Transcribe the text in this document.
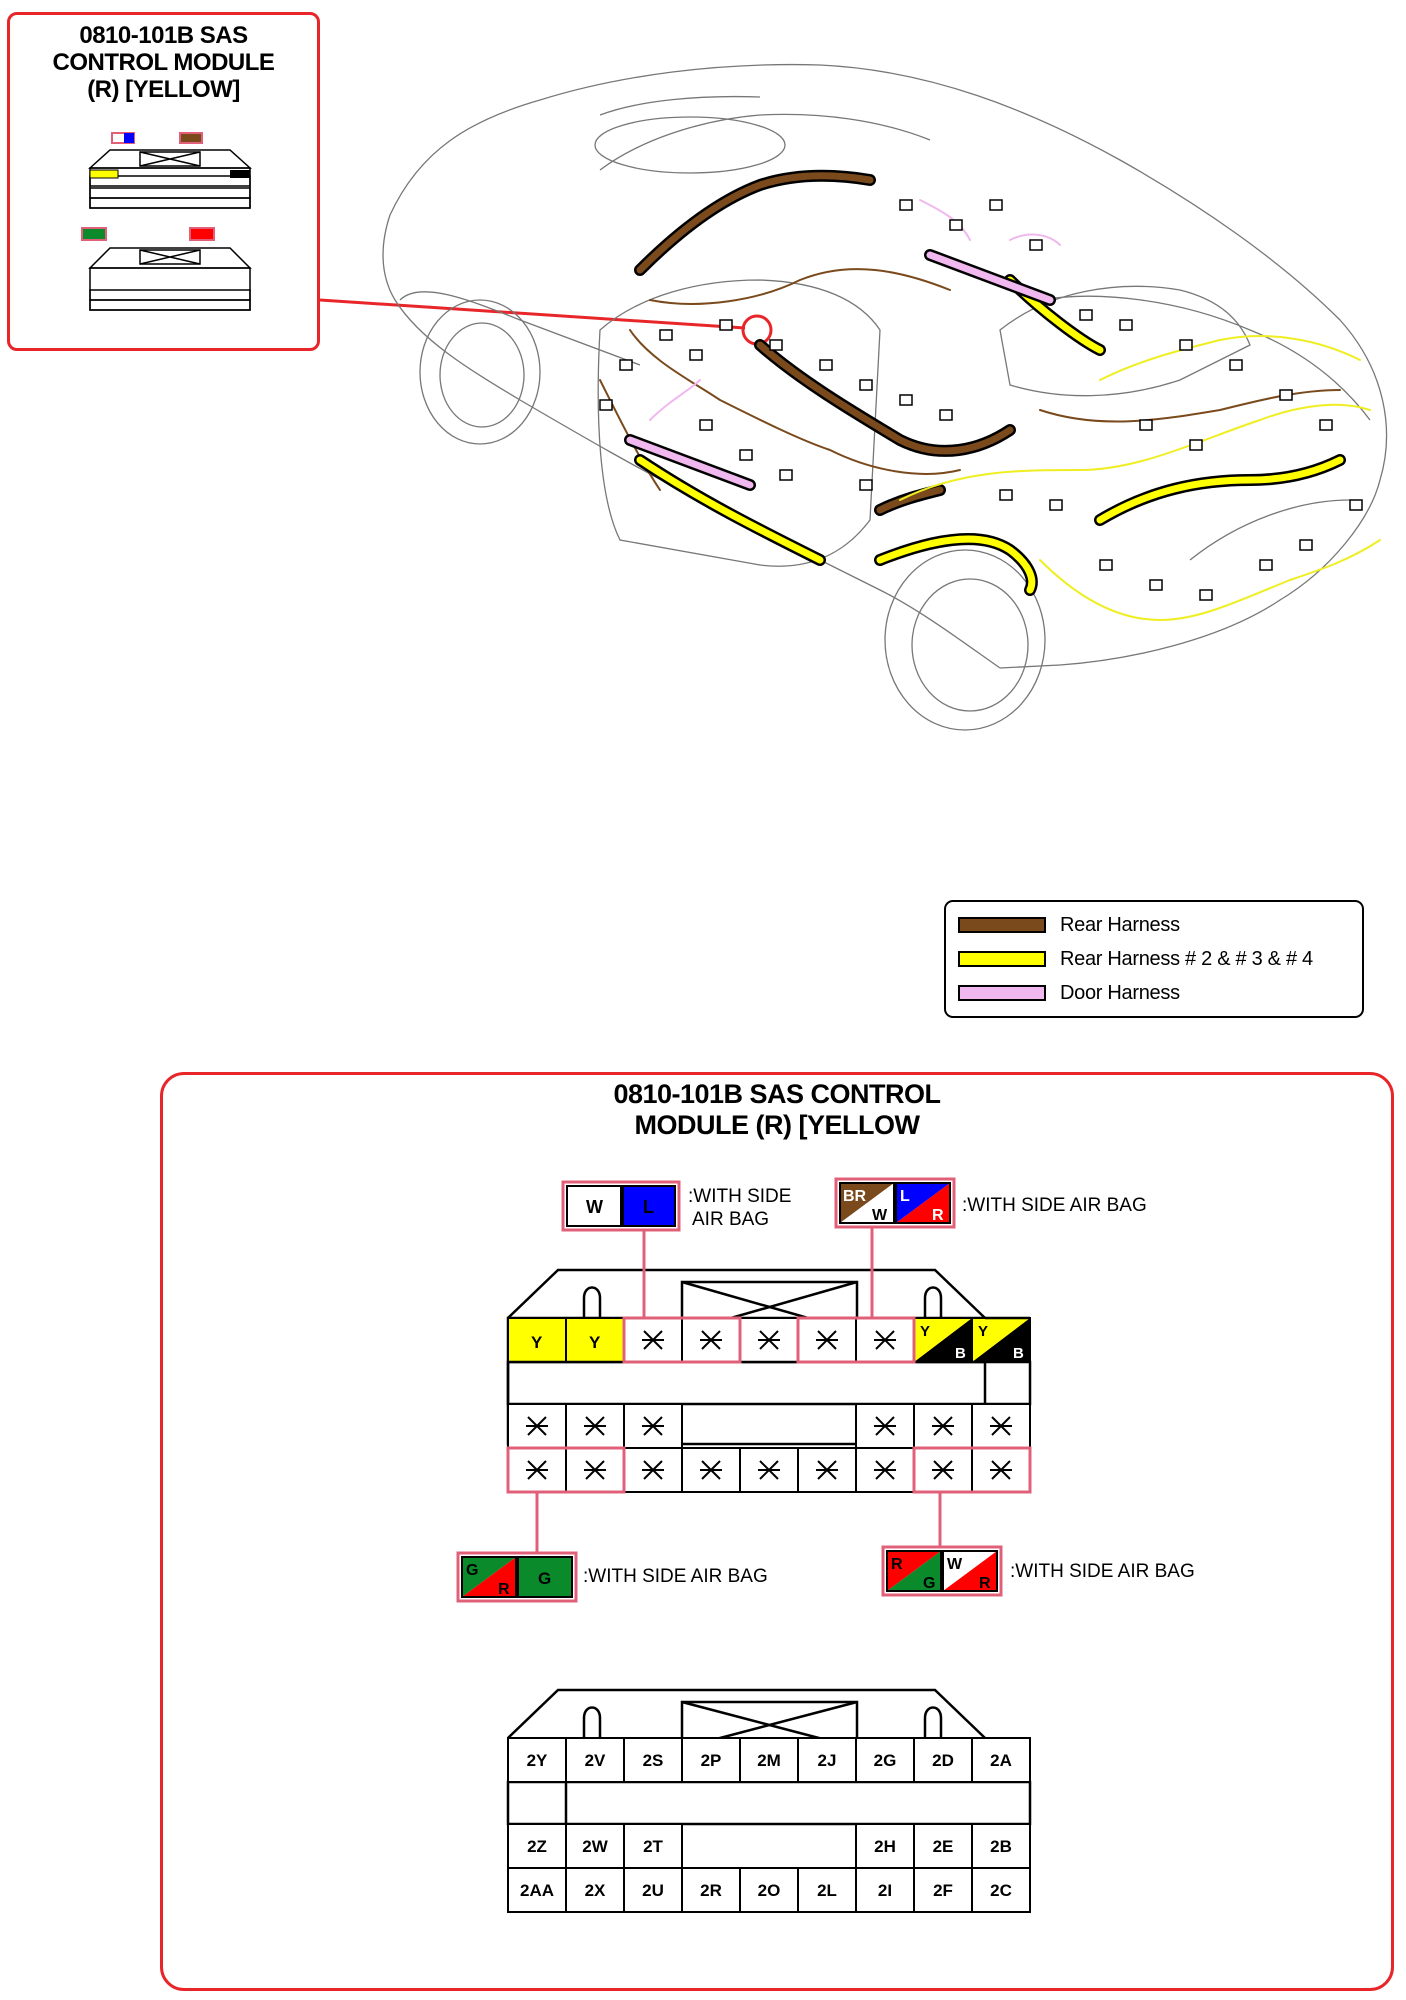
0810-101B SAS
CONTROL MODULE
(R) [YELLOW]
Rear Harness
Rear Harness # 2 & # 3 & # 4
Door Harness
0810-101B SAS CONTROL
MODULE (R) [YELLOW
Y	Y
Y
B
Y
B
W L :WITH SIDE
AIR BAG
BR
W
L
R :WITH SIDE AIR BAG
G
R
G :WITH SIDE AIR BAG
R
G
W
R
:WITH SIDE AIR BAG
2Y 2V 2S 2P 2M 2J 2G 2D 2A
2Z 2W 2T	2H 2E 2B
2AA 2X 2U 2R 2O 2L 2I 2F 2C
